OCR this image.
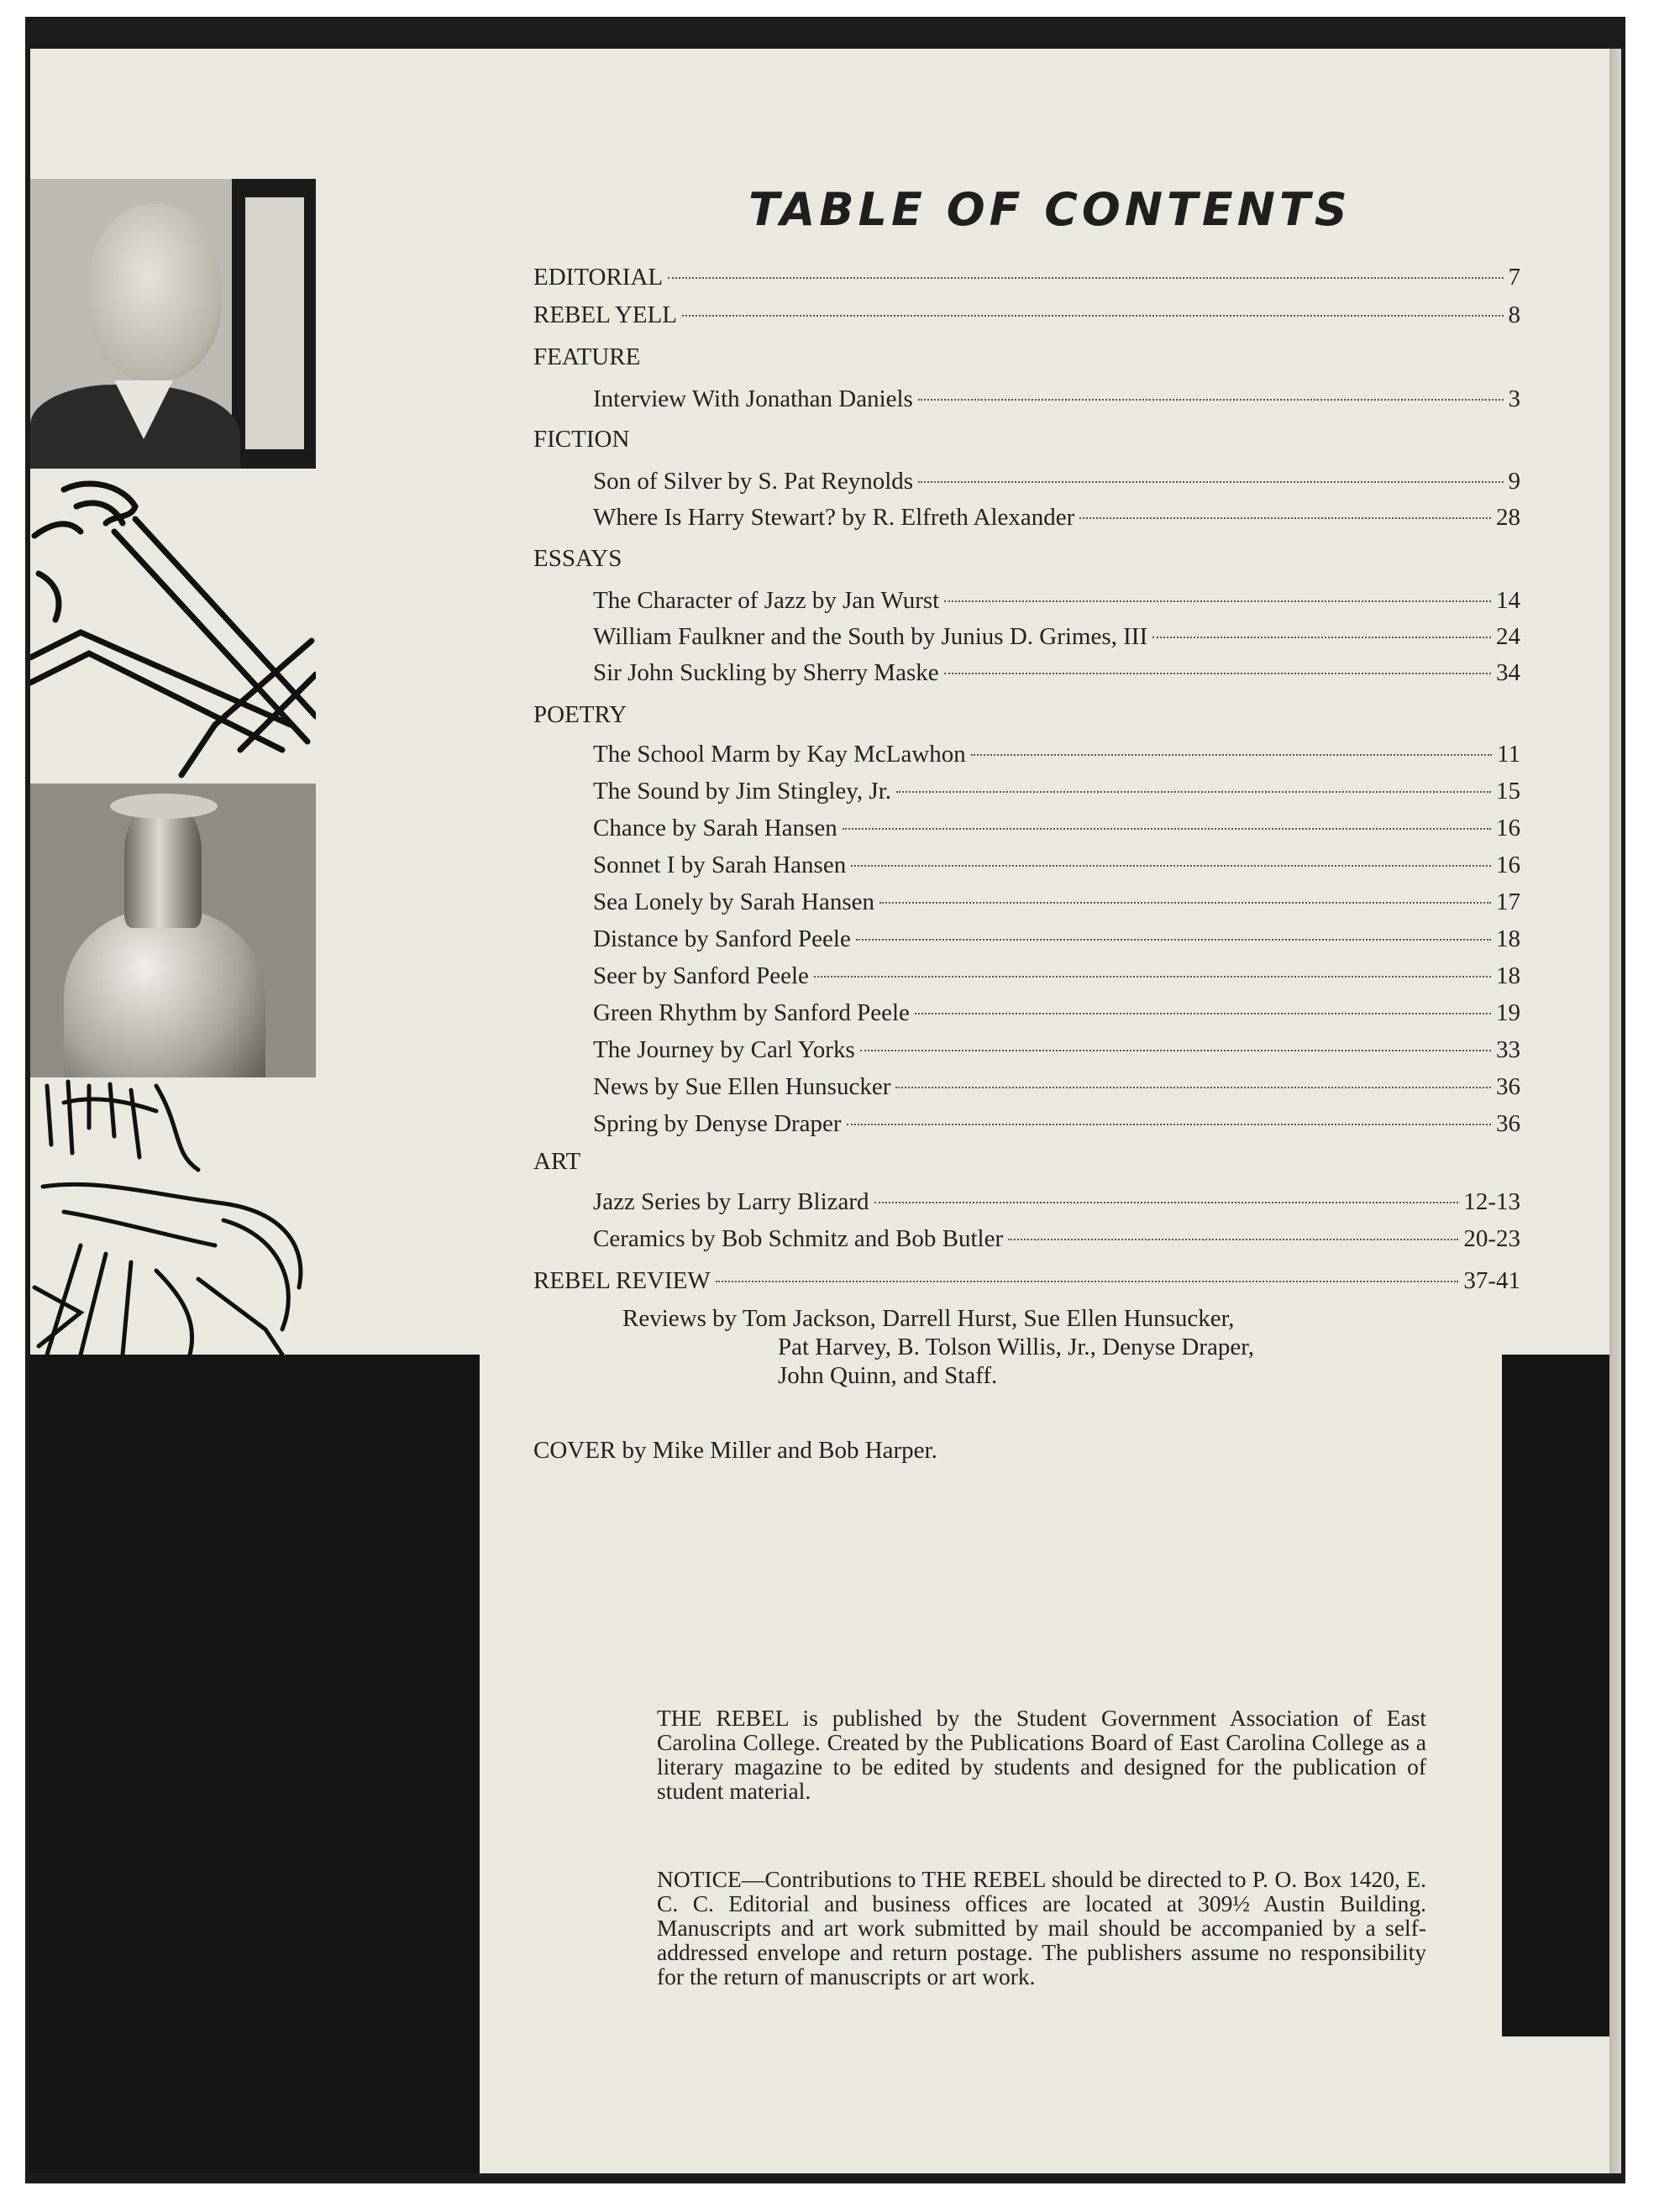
TABLE OF CONTENTS
EDITORIAL	7
REBEL YELL	8
FEATURE
Interview With Jonathan Daniels	3
FICTION
Son of Silver by S. Pat Reynolds	9
Where Is Harry Stewart? by R. Elfreth Alexander	28
ESSAYS
The Character of Jazz by Jan Wurst	14
William Faulkner and the South by Junius D. Grimes, III	24
Sir John Suckling by Sherry Maske	34
POETRY
The School Marm by Kay McLawhon	11
The Sound by Jim Stingley, Jr.	15
Chance by Sarah Hansen	16
Sonnet I by Sarah Hansen	16
Sea Lonely by Sarah Hansen	17
Distance by Sanford Peele	18
Seer by Sanford Peele	18
Green Rhythm by Sanford Peele	19
The Journey by Carl Yorks	33
News by Sue Ellen Hunsucker	36
Spring by Denyse Draper	36
ART
Jazz Series by Larry Blizard	12-13
Ceramics by Bob Schmitz and Bob Butler	20-23
REBEL REVIEW	37-41
Reviews by Tom Jackson, Darrell Hurst, Sue Ellen Hunsucker,
Pat Harvey, B. Tolson Willis, Jr., Denyse Draper,
John Quinn, and Staff.
COVER by Mike Miller and Bob Harper.
THE REBEL is published by the Student Government Association of East Carolina College. Created by the Publications Board of East Carolina College as a literary magazine to be edited by students and designed for the publication of student material.
NOTICE—Contributions to THE REBEL should be directed to P. O. Box 1420, E. C. C. Editorial and business offices are located at 309½ Austin Building. Manuscripts and art work submitted by mail should be accompanied by a self-addressed envelope and return postage. The publishers assume no responsibility for the return of manuscripts or art work.
